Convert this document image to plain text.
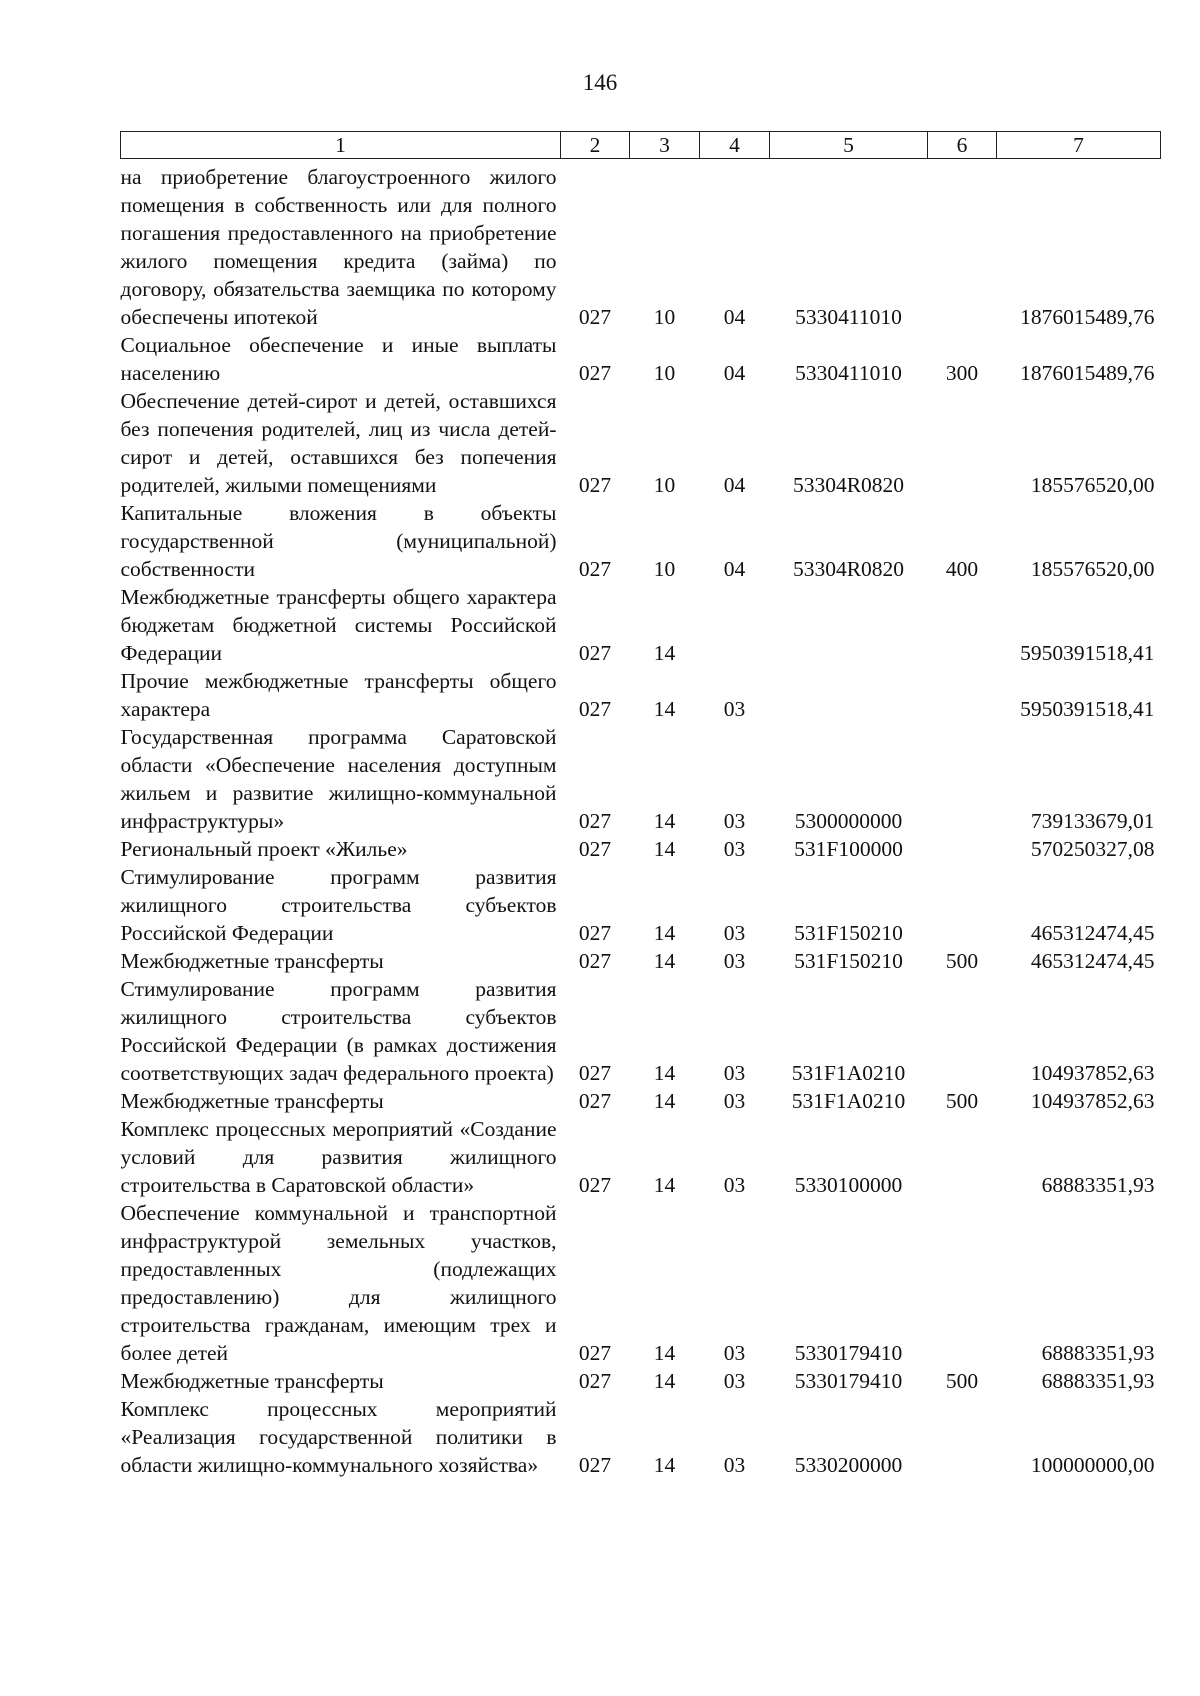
146
1	2	3	4	5	6	7
на приобретение благоустроенного жилого помещения в собственность или для полного погашения предоставленного на приобретение жилого помещения кредита (займа) по договору, обязательства заемщика по которому обеспечены ипотекой	027	10	04	5330411010		1876015489,76
Социальное обеспечение и иные выплаты населению	027	10	04	5330411010	300	1876015489,76
Обеспечение детей-сирот и детей, оставшихся без попечения родителей, лиц из числа детей-сирот и детей, оставшихся без попечения родителей, жилыми помещениями	027	10	04	53304R0820		185576520,00
Капитальные вложения в объекты государственной (муниципальной) собственности	027	10	04	53304R0820	400	185576520,00
Межбюджетные трансферты общего характера бюджетам бюджетной системы Российской Федерации	027	14				5950391518,41
Прочие межбюджетные трансферты общего характера	027	14	03			5950391518,41
Государственная программа Саратовской области «Обеспечение населения доступным жильем и развитие жилищно-коммунальной инфраструктуры»	027	14	03	5300000000		739133679,01
Региональный проект «Жилье»	027	14	03	531F100000		570250327,08
Стимулирование программ развития жилищного строительства субъектов Российской Федерации	027	14	03	531F150210		465312474,45
Межбюджетные трансферты	027	14	03	531F150210	500	465312474,45
Стимулирование программ развития жилищного строительства субъектов Российской Федерации (в рамках достижения соответствующих задач федерального проекта)	027	14	03	531F1A0210		104937852,63
Межбюджетные трансферты	027	14	03	531F1A0210	500	104937852,63
Комплекс процессных мероприятий «Создание условий для развития жилищного строительства в Саратовской области»	027	14	03	5330100000		68883351,93
Обеспечение коммунальной и транспортной инфраструктурой земельных участков, предоставленных (подлежащих предоставлению) для жилищного строительства гражданам, имеющим трех и более детей	027	14	03	5330179410		68883351,93
Межбюджетные трансферты	027	14	03	5330179410	500	68883351,93
Комплекс процессных мероприятий «Реализация государственной политики в области жилищно-коммунального хозяйства»	027	14	03	5330200000		100000000,00
